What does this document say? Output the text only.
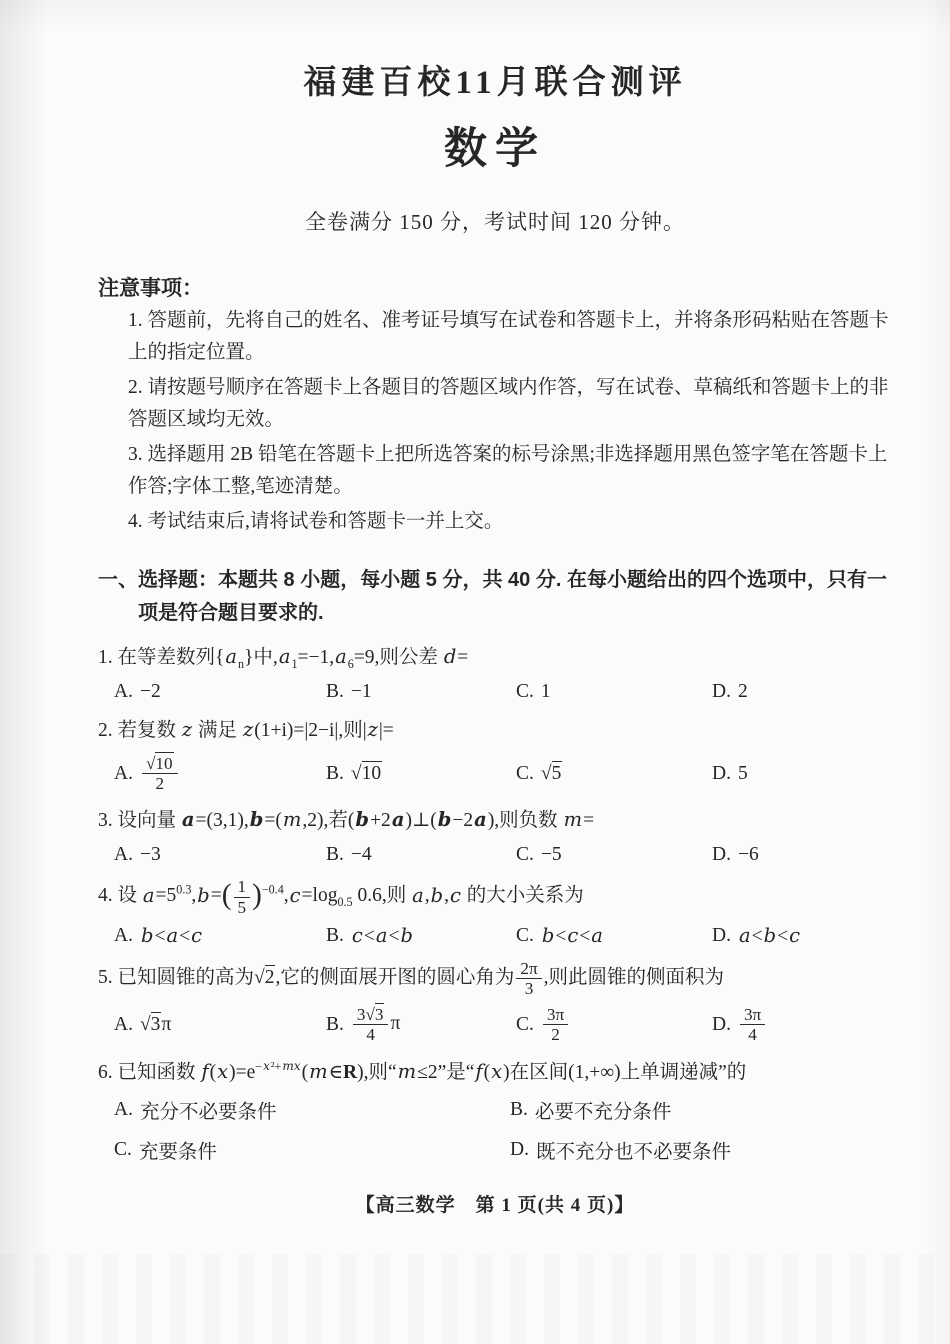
福建百校11月联合测评
数学
全卷满分 150 分，考试时间 120 分钟。
注意事项：
1. 答题前，先将自己的姓名、准考证号填写在试卷和答题卡上，并将条形码粘贴在答题卡上的指定位置。
2. 请按题号顺序在答题卡上各题目的答题区域内作答，写在试卷、草稿纸和答题卡上的非答题区域均无效。
3. 选择题用 2B 铅笔在答题卡上把所选答案的标号涂黑;非选择题用黑色签字笔在答题卡上作答;字体工整,笔迹清楚。
4. 考试结束后,请将试卷和答题卡一并上交。
一、选择题：本题共 8 小题，每小题 5 分，共 40 分. 在每小题给出的四个选项中，只有一项是符合题目要求的.
1. 在等差数列$\{a_n\}$中$,a_1=-1,a_6=9$,则公差 d=
A. −2	B. −1	C. 1	D. 2
2. 若复数 z 满足 z(1+i)=|2−i|,则|z|=
A. $\frac{√10}{2}$	B. √10	C. √5	D. 5
3. 设向量 a=(3,1),b=(m,2),若(b+2a)⊥(b−2a),则负数 m=
A. −3	B. −4	C. −5	D. −6
4. 设 $a=5^{0.3},b=( \frac{1}{5} )^{-0.4},c=\log_{0.5}$ 0.6,则 a,b,c 的大小关系为
A. b<a<c	B. c<a<b	C. b<c<a	D. a<b<c
5. 已知圆锥的高为√2,它的侧面展开图的圆心角为 $\frac{2\pi}{3}$ ,则此圆锥的侧面积为
A. √3π	B. $\frac{3√3}{4}$ π	C. $\frac{3\pi}{2}$	D. $\frac{3\pi}{4}$
6. 已知函数 $f(x)=e^{-x^2+mx}(m\in R)$,则“m≤2”是“f(x)在区间(1,+∞)上单调递减”的
A. 充分不必要条件	B. 必要不充分条件
C. 充要条件	D. 既不充分也不必要条件
【高三数学　第 1 页(共 4 页)】
